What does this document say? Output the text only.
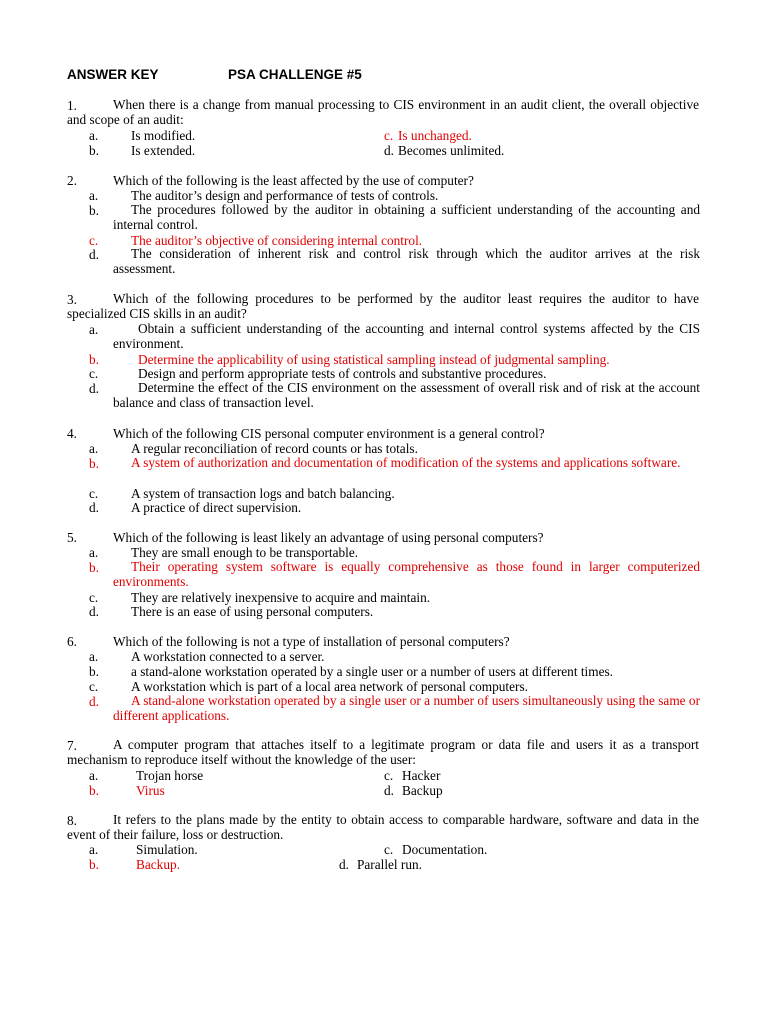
ANSWER KEY	PSA CHALLENGE #5
When there is a change from manual processing to CIS environment in an audit client, the overall objective and scope of an audit:
1.
a. Is modified.
b. Is extended.
c. Is unchanged.
d. Becomes unlimited.
2.	Which of the following is the least affected by the use of computer?
a. The auditor’s design and performance of tests of controls.
b.	The procedures followed by the auditor in obtaining a sufficient understanding of the accounting and internal control.
c. The auditor’s objective of considering internal control.
d.	The consideration of inherent risk and control risk through which the auditor arrives at the risk assessment.
Which of the following procedures to be performed by the auditor least requires the auditor to have specialized CIS skills in an audit?
3.
a.	Obtain a sufficient understanding of the accounting and internal control systems affected by the CIS environment.
b.	Determine the applicability of using statistical sampling instead of judgmental sampling.
c.	Design and perform appropriate tests of controls and substantive procedures.
d.	Determine the effect of the CIS environment on the assessment of overall risk and of risk at the account balance and class of transaction level.
4.	Which of the following CIS personal computer environment is a general control?
a. A regular reconciliation of record counts or has totals.
b.	A system of authorization and documentation of modification of the systems and applications software.
c. A system of transaction logs and batch balancing.
d. A practice of direct supervision.
5.	Which of the following is least likely an advantage of using personal computers?
a. They are small enough to be transportable.
b.	Their operating system software is equally comprehensive as those found in larger computerized environments.
c. They are relatively inexpensive to acquire and maintain.
d. There is an ease of using personal computers.
6.	Which of the following is not a type of installation of personal computers?
a. A workstation connected to a server.
b. a stand-alone workstation operated by a single user or a number of users at different times.
c. A workstation which is part of a local area network of personal computers.
d.	A stand-alone workstation operated by a single user or a number of users simultaneously using the same or different applications.
A computer program that attaches itself to a legitimate program or data file and users it as a transport mechanism to reproduce itself without the knowledge of the user:
7.
a.	Trojan horse
b.	Virus
c. Hacker
d. Backup
It refers to the plans made by the entity to obtain access to comparable hardware, software and data in the event of their failure, loss or destruction.
8.
a.	Simulation.
b.	Backup.
c. Documentation.
d. Parallel run.
